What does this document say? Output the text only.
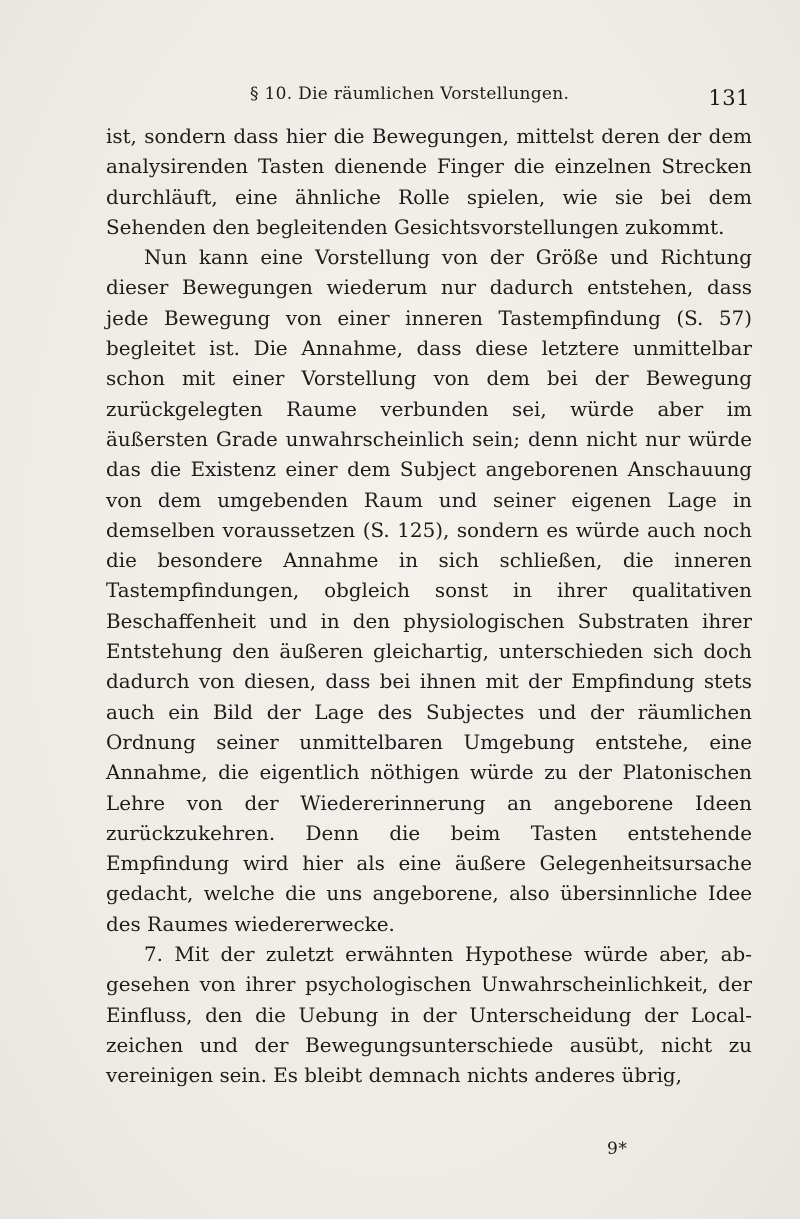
§ 10. Die räumlichen Vorstellungen.	131

ist, sondern dass hier die Bewegungen, mittelst deren der dem analysirenden Tasten dienende Finger die einzelnen Strecken durchläuft, eine ähnliche Rolle spielen, wie sie bei dem Sehenden den begleitenden Gesichtsvorstellungen zukommt.

Nun kann eine Vorstellung von der Größe und Richtung dieser Bewegungen wiederum nur dadurch entstehen, dass jede Bewegung von einer inneren Tastempfindung (S. 57) begleitet ist. Die Annahme, dass diese letztere unmittelbar schon mit einer Vorstellung von dem bei der Bewegung zurückgelegten Raume verbunden sei, würde aber im äußersten Grade unwahrscheinlich sein; denn nicht nur würde das die Existenz einer dem Subject angeborenen Anschauung von dem umgebenden Raum und seiner eigenen Lage in demselben voraussetzen (S. 125), sondern es würde auch noch die besondere Annahme in sich schließen, die inneren Tastempfindungen, obgleich sonst in ihrer qualitativen Beschaffenheit und in den physiologischen Substraten ihrer Entstehung den äußeren gleichartig, unterschieden sich doch dadurch von diesen, dass bei ihnen mit der Empfindung stets auch ein Bild der Lage des Subjectes und der räumlichen Ordnung seiner unmittelbaren Umgebung entstehe, eine Annahme, die eigentlich nöthigen würde zu der Platonischen Lehre von der Wiedererinnerung an angeborene Ideen zurückzukehren. Denn die beim Tasten entstehende Empfindung wird hier als eine äußere Gelegenheitsursache gedacht, welche die uns angeborene, also übersinnliche Idee des Raumes wiedererwecke.

7. Mit der zuletzt erwähnten Hypothese würde aber, abgesehen von ihrer psychologischen Unwahrscheinlichkeit, der Einfluss, den die Uebung in der Unterscheidung der Localzeichen und der Bewegungsunterschiede ausübt, nicht zu vereinigen sein. Es bleibt demnach nichts anderes übrig,

9*
